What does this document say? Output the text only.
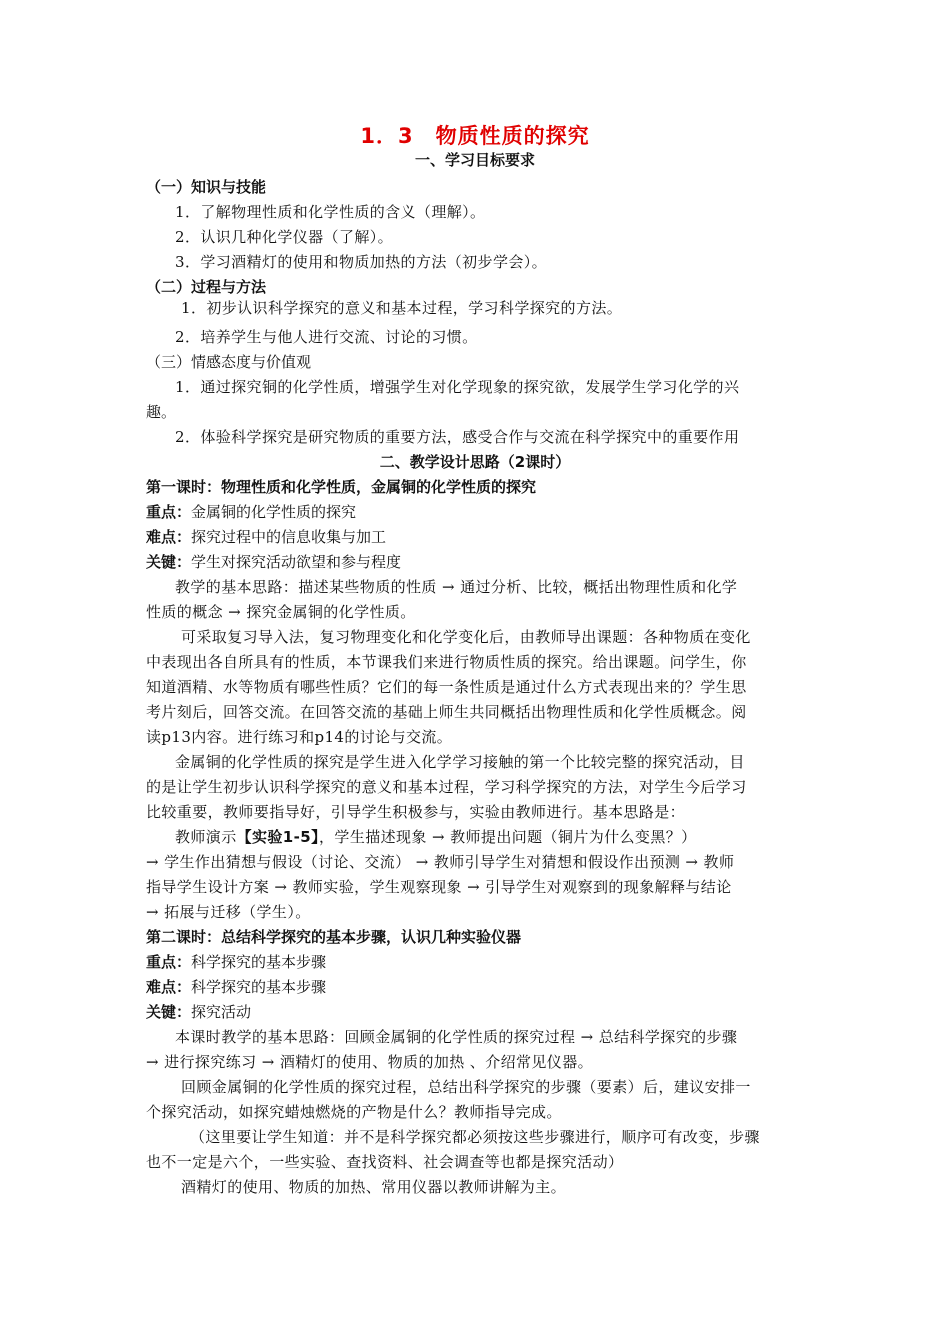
1．3　物质性质的探究
一、学习目标要求
（一）知识与技能
1．了解物理性质和化学性质的含义（理解）。
2．认识几种化学仪器（了解）。
3．学习酒精灯的使用和物质加热的方法（初步学会）。
（二）过程与方法
1．初步认识科学探究的意义和基本过程，学习科学探究的方法。
2．培养学生与他人进行交流、讨论的习惯。
（三）情感态度与价值观
1．通过探究铜的化学性质，增强学生对化学现象的探究欲，发展学生学习化学的兴
趣。
2．体验科学探究是研究物质的重要方法，感受合作与交流在科学探究中的重要作用
二、教学设计思路（2课时）
第一课时：物理性质和化学性质，金属铜的化学性质的探究
重点：金属铜的化学性质的探究
难点：探究过程中的信息收集与加工
关键：学生对探究活动欲望和参与程度
教学的基本思路：描述某些物质的性质 → 通过分析、比较，概括出物理性质和化学
性质的概念 → 探究金属铜的化学性质。
可采取复习导入法，复习物理变化和化学变化后，由教师导出课题：各种物质在变化
中表现出各自所具有的性质，本节课我们来进行物质性质的探究。给出课题。问学生，你
知道酒精、水等物质有哪些性质？它们的每一条性质是通过什么方式表现出来的？学生思
考片刻后，回答交流。在回答交流的基础上师生共同概括出物理性质和化学性质概念。阅
读p13内容。进行练习和p14的讨论与交流。
金属铜的化学性质的探究是学生进入化学学习接触的第一个比较完整的探究活动，目
的是让学生初步认识科学探究的意义和基本过程，学习科学探究的方法，对学生今后学习
比较重要，教师要指导好，引导学生积极参与，实验由教师进行。基本思路是：
教师演示【实验1-5】，学生描述现象 → 教师提出问题（铜片为什么变黑？）
→ 学生作出猜想与假设（讨论、交流） → 教师引导学生对猜想和假设作出预测 → 教师
指导学生设计方案 → 教师实验，学生观察现象 → 引导学生对观察到的现象解释与结论
→ 拓展与迁移（学生）。
第二课时：总结科学探究的基本步骤，认识几种实验仪器
重点：科学探究的基本步骤
难点：科学探究的基本步骤
关键：探究活动
本课时教学的基本思路：回顾金属铜的化学性质的探究过程 → 总结科学探究的步骤
→ 进行探究练习 → 酒精灯的使用、物质的加热 、介绍常见仪器。
回顾金属铜的化学性质的探究过程，总结出科学探究的步骤（要素）后，建议安排一
个探究活动，如探究蜡烛燃烧的产物是什么？教师指导完成。
（这里要让学生知道：并不是科学探究都必须按这些步骤进行，顺序可有改变，步骤
也不一定是六个，一些实验、查找资料、社会调查等也都是探究活动）
酒精灯的使用、物质的加热、常用仪器以教师讲解为主。
